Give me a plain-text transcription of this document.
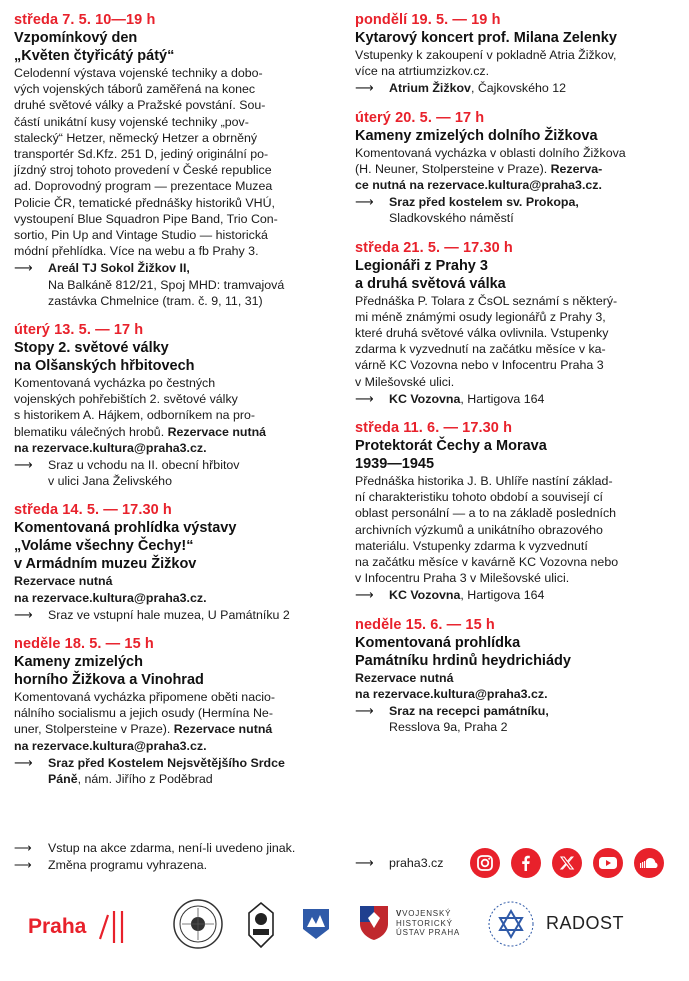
středa 7. 5. 10—19 h
Vzpomínkový den
„Květen čtyřicátý pátý“
Celodenní výstava vojenské techniky a dobo-
vých vojenských táborů zaměřená na konec
druhé světové války a Pražské povstání. Sou-
částí unikátní kusy vojenské techniky „pov-
stalecký“ Hetzer, německý Hetzer a obrněný
transportér Sd.Kfz. 251 D, jediný originální po-
jízdný stroj tohoto provedení v České republice
ad. Doprovodný program — prezentace Muzea
Policie ČR, tematické přednášky historiků VHÚ,
vystoupení Blue Squadron Pipe Band, Trio Con-
sortio, Pin Up and Vintage Studio — historická
módní přehlídka. Více na webu a fb Prahy 3.
⟶	Areál TJ Sokol Žižkov II,
Na Balkáně 812/21, Spoj MHD: tramvajová
zastávka Chmelnice (tram. č. 9, 11, 31)
úterý 13. 5. — 17 h
Stopy 2. světové války
na Olšanských hřbitovech
Komentovaná vycházka po čestných
vojenských pohřebištích 2. světové války
s historikem A. Hájkem, odborníkem na pro-
blematiku válečných hrobů. Rezervace nutná
na rezervace.kultura@praha3.cz.
⟶	Sraz u vchodu na II. obecní hřbitov
v ulici Jana Želivského
středa 14. 5. — 17.30 h
Komentovaná prohlídka výstavy
„Voláme všechny Čechy!“
v Armádním muzeu Žižkov
Rezervace nutná
na rezervace.kultura@praha3.cz.
⟶	Sraz ve vstupní hale muzea, U Památníku 2
neděle 18. 5. — 15 h
Kameny zmizelých
horního Žižkova a Vinohrad
Komentovaná vycházka připomene oběti nacio-
nálního socialismu a jejich osudy (Hermína Ne-
uner, Stolpersteine v Praze). Rezervace nutná
na rezervace.kultura@praha3.cz.
⟶	Sraz před Kostelem Nejsvětějšího Srdce
Páně, nám. Jiřího z Poděbrad
pondělí 19. 5. — 19 h
Kytarový koncert prof. Milana Zelenky
Vstupenky k zakoupení v pokladně Atria Žižkov,
více na atrtiumzizkov.cz.
⟶	Atrium Žižkov, Čajkovského 12
úterý 20. 5. — 17 h
Kameny zmizelých dolního Žižkova
Komentovaná vycházka v oblasti dolního Žižkova
(H. Neuner, Stolpersteine v Praze). Rezerva-
ce nutná na rezervace.kultura@praha3.cz.
⟶	Sraz před kostelem sv. Prokopa,
Sladkovského náměstí
středa 21. 5. — 17.30 h
Legionáři z Prahy 3
a druhá světová válka
Přednáška P. Tolara z ČsOL seznámí s některý-
mi méně známými osudy legionářů z Prahy 3,
které druhá světové válka ovlivnila. Vstupenky
zdarma k vyzvednutí na začátku měsíce v ka-
várně KC Vozovna nebo v Infocentru Praha 3
v Milešovské ulici.
⟶	KC Vozovna, Hartigova 164
středa 11. 6. — 17.30 h
Protektorát Čechy a Morava
1939—1945
Přednáška historika J. B. Uhlíře nastíní základ-
ní charakteristiku tohoto období a souvisejí cí
oblast personální — a to na základě posledních
archivních výzkumů a unikátního obrazového
materiálu. Vstupenky zdarma k vyzvednutí
na začátku měsíce v kavárně KC Vozovna nebo
v Infocentru Praha 3 v Milešovské ulici.
⟶	KC Vozovna, Hartigova 164
neděle 15. 6. — 15 h
Komentovaná prohlídka
Památníku hrdinů heydrichiády
Rezervace nutná
na rezervace.kultura@praha3.cz.
⟶	Sraz na recepci památníku,
Resslova 9a, Praha 2
⟶	Vstup na akce zdarma, není-li uvedeno jinak.
⟶	Změna programu vyhrazena.	⟶	praha3.cz
Praha
VVOJENSKÝ
HISTORICKÝ
ÚSTAV PRAHA	RADOST
